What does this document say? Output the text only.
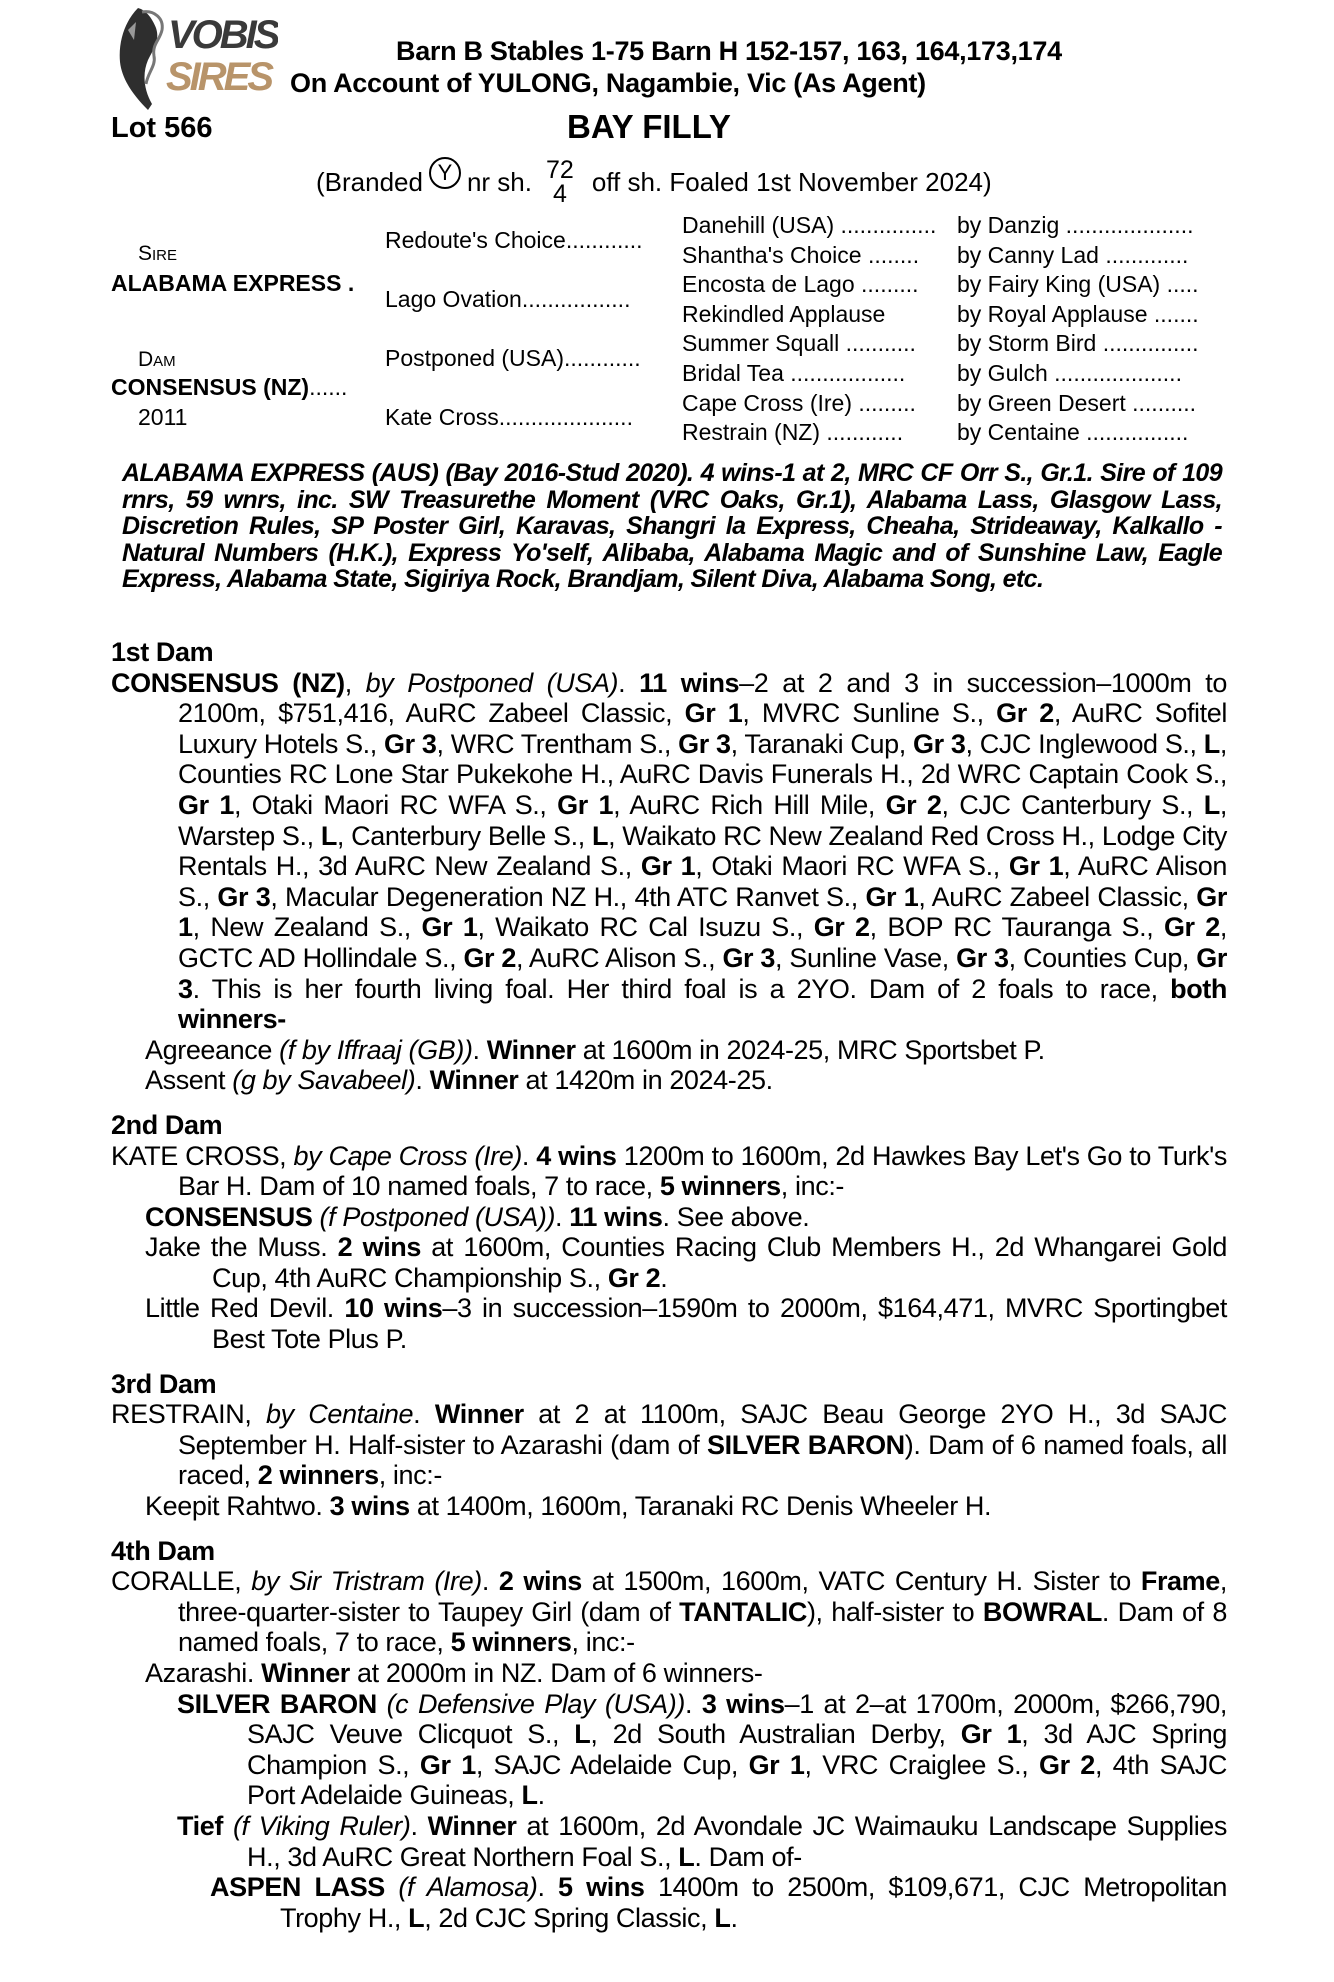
VOBIS
SIRES
Barn B Stables 1-75 Barn H 152-157, 163, 164,173,174
On Account of YULONG, Nagambie, Vic (As Agent)
Lot 566	BAY FILLY
(Branded Y nr sh. 72
4 off sh. Foaled 1st November 2024)
Sire
ALABAMA EXPRESS .
Dam
CONSENSUS (NZ)......
2011
Redoute's Choice............
Lago Ovation.................
Postponed (USA)............
Kate Cross.....................
Danehill (USA) ............... by Danzig ....................
Shantha's Choice ........ by Canny Lad .............
Encosta de Lago ......... by Fairy King (USA) .....
Rekindled Applause	by Royal Applause .......
Summer Squall ........... by Storm Bird ...............
Bridal Tea .................. by Gulch ....................
Cape Cross (Ire) ......... by Green Desert ..........
Restrain (NZ) ............ by Centaine ................
ALABAMA EXPRESS (AUS) (Bay 2016-Stud 2020). 4 wins-1 at 2, MRC CF Orr S., Gr.1. Sire of 109 rnrs, 59 wnrs, inc. SW Treasurethe Moment (VRC Oaks, Gr.1), Alabama Lass, Glasgow Lass, Discretion Rules, SP Poster Girl, Karavas, Shangri la Express, Cheaha, Strideaway, Kalkallo - Natural Numbers (H.K.), Express Yo'self, Alibaba, Alabama Magic and of Sunshine Law, Eagle Express, Alabama State, Sigiriya Rock, Brandjam, Silent Diva, Alabama Song, etc.
1st Dam
CONSENSUS (NZ), by Postponed (USA). 11 wins–2 at 2 and 3 in succession–1000m to 2100m, $751,416, AuRC Zabeel Classic, Gr 1, MVRC Sunline S., Gr 2, AuRC Sofitel Luxury Hotels S., Gr 3, WRC Trentham S., Gr 3, Taranaki Cup, Gr 3, CJC Inglewood S., L, Counties RC Lone Star Pukekohe H., AuRC Davis Funerals H., 2d WRC Captain Cook S., Gr 1, Otaki Maori RC WFA S., Gr 1, AuRC Rich Hill Mile, Gr 2, CJC Canterbury S., L, Warstep S., L, Canterbury Belle S., L, Waikato RC New Zealand Red Cross H., Lodge City Rentals H., 3d AuRC New Zealand S., Gr 1, Otaki Maori RC WFA S., Gr 1, AuRC Alison S., Gr 3, Macular Degeneration NZ H., 4th ATC Ranvet S., Gr 1, AuRC Zabeel Classic, Gr 1, New Zealand S., Gr 1, Waikato RC Cal Isuzu S., Gr 2, BOP RC Tauranga S., Gr 2, GCTC AD Hollindale S., Gr 2, AuRC Alison S., Gr 3, Sunline Vase, Gr 3, Counties Cup, Gr 3. This is her fourth living foal. Her third foal is a 2YO. Dam of 2 foals to race, both winners-
Agreeance (f by Iffraaj (GB)). Winner at 1600m in 2024-25, MRC Sportsbet P.
Assent (g by Savabeel). Winner at 1420m in 2024-25.
2nd Dam
KATE CROSS, by Cape Cross (Ire). 4 wins 1200m to 1600m, 2d Hawkes Bay Let's Go to Turk's Bar H. Dam of 10 named foals, 7 to race, 5 winners, inc:-
CONSENSUS (f Postponed (USA)). 11 wins. See above.
Jake the Muss. 2 wins at 1600m, Counties Racing Club Members H., 2d Whangarei Gold Cup, 4th AuRC Championship S., Gr 2.
Little Red Devil. 10 wins–3 in succession–1590m to 2000m, $164,471, MVRC Sportingbet Best Tote Plus P.
3rd Dam
RESTRAIN, by Centaine. Winner at 2 at 1100m, SAJC Beau George 2YO H., 3d SAJC September H. Half-sister to Azarashi (dam of SILVER BARON). Dam of 6 named foals, all raced, 2 winners, inc:-
Keepit Rahtwo. 3 wins at 1400m, 1600m, Taranaki RC Denis Wheeler H.
4th Dam
CORALLE, by Sir Tristram (Ire). 2 wins at 1500m, 1600m, VATC Century H. Sister to Frame, three-quarter-sister to Taupey Girl (dam of TANTALIC), half-sister to BOWRAL. Dam of 8 named foals, 7 to race, 5 winners, inc:-
Azarashi. Winner at 2000m in NZ. Dam of 6 winners-
SILVER BARON (c Defensive Play (USA)). 3 wins–1 at 2–at 1700m, 2000m, $266,790, SAJC Veuve Clicquot S., L, 2d South Australian Derby, Gr 1, 3d AJC Spring Champion S., Gr 1, SAJC Adelaide Cup, Gr 1, VRC Craiglee S., Gr 2, 4th SAJC Port Adelaide Guineas, L.
Tief (f Viking Ruler). Winner at 1600m, 2d Avondale JC Waimauku Landscape Supplies H., 3d AuRC Great Northern Foal S., L. Dam of-
ASPEN LASS (f Alamosa). 5 wins 1400m to 2500m, $109,671, CJC Metropolitan Trophy H., L, 2d CJC Spring Classic, L.
